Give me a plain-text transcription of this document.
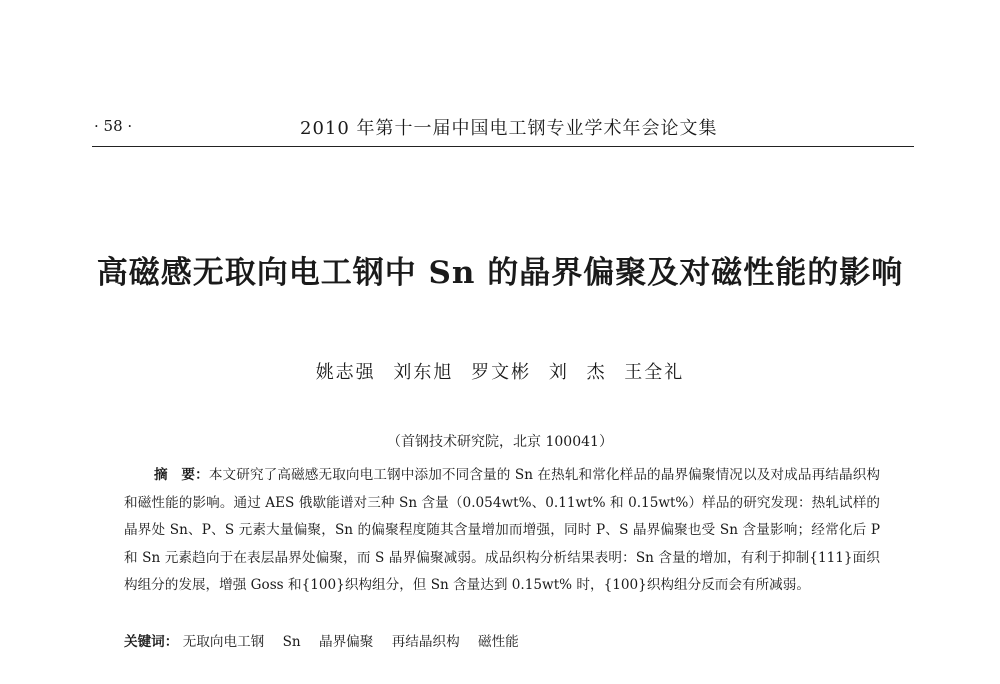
· 58 ·	2010 年第十一届中国电工钢专业学术年会论文集
高磁感无取向电工钢中 Sn 的晶界偏聚及对磁性能的影响
姚志强 刘东旭 罗文彬 刘 杰 王全礼
（首钢技术研究院，北京 100041）

摘　要：本文研究了高磁感无取向电工钢中添加不同含量的 Sn 在热轧和常化样品的晶界偏聚情况以及对成品再结晶织构和磁性能的影响。通过 AES 俄歇能谱对三种 Sn 含量（0.054wt%、0.11wt% 和 0.15wt%）样品的研究发现：热轧试样的晶界处 Sn、P、S 元素大量偏聚，Sn 的偏聚程度随其含量增加而增强，同时 P、S 晶界偏聚也受 Sn 含量影响；经常化后 P 和 Sn 元素趋向于在表层晶界处偏聚，而 S 晶界偏聚减弱。成品织构分析结果表明：Sn 含量的增加，有利于抑制{111}面织构组分的发展，增强 Goss 和{100}织构组分，但 Sn 含量达到 0.15wt% 时，{100}织构组分反而会有所减弱。

关键词： 无取向电工钢 Sn 晶界偏聚 再结晶织构 磁性能
